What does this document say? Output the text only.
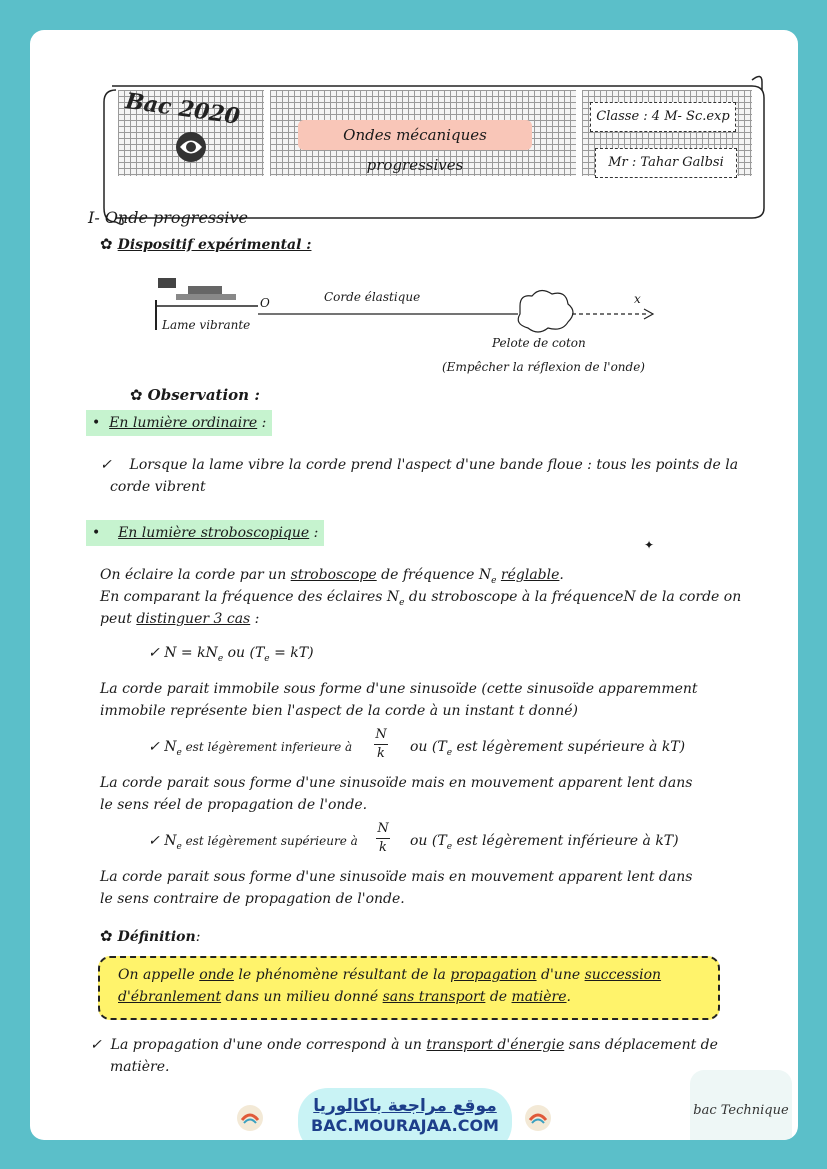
Bac 2020
Ondes mécaniques progressives
Classe : 4 M- Sc.exp
Mr : Tahar Galbsi
I- Onde progressive
✿ Dispositif expérimental :
Lame vibrante
O	Corde élastique	x
Pelote de coton
(Empêcher la réflexion de l'onde)
✿ Observation :
•  En lumière ordinaire :
✓    Lorsque la lame vibre la corde prend l'aspect d'une bande floue : tous les points de la
corde vibrent
•    En lumière stroboscopique :
✦
On éclaire la corde par un stroboscope de fréquence $N_e$ réglable.
En comparant la fréquence des éclaires $N_e$ du stroboscope à la fréquenceN de la corde on
peut distinguer 3 cas :
✓ $N = kN_e$ ou $(T_e = kT)$
La corde parait immobile sous forme d'une sinusoïde (cette sinusoïde apparemment
immobile représente bien l'aspect de la corde à un instant t donné)
✓ $N_e$ est légèrement inferieure à
N
k ou ($T_e$ est légèrement supérieure à kT)
La corde parait sous forme d'une sinusoïde mais en mouvement apparent lent dans
le sens réel de propagation de l'onde.
✓ $N_e$ est légèrement supérieure à
N
k ou ($T_e$ est légèrement inférieure à kT)
La corde parait sous forme d'une sinusoïde mais en mouvement apparent lent dans
le sens contraire de propagation de l'onde.
✿ Définition:
On appelle onde le phénomène résultant de la propagation d'une succession
d'ébranlement dans un milieu donné sans transport de matière.
✓  La propagation d'une onde correspond à un transport d'énergie sans déplacement de
matière.
موقع مراجعة باكالوريا
BAC.MOURAJAA.COM
bac Technique
